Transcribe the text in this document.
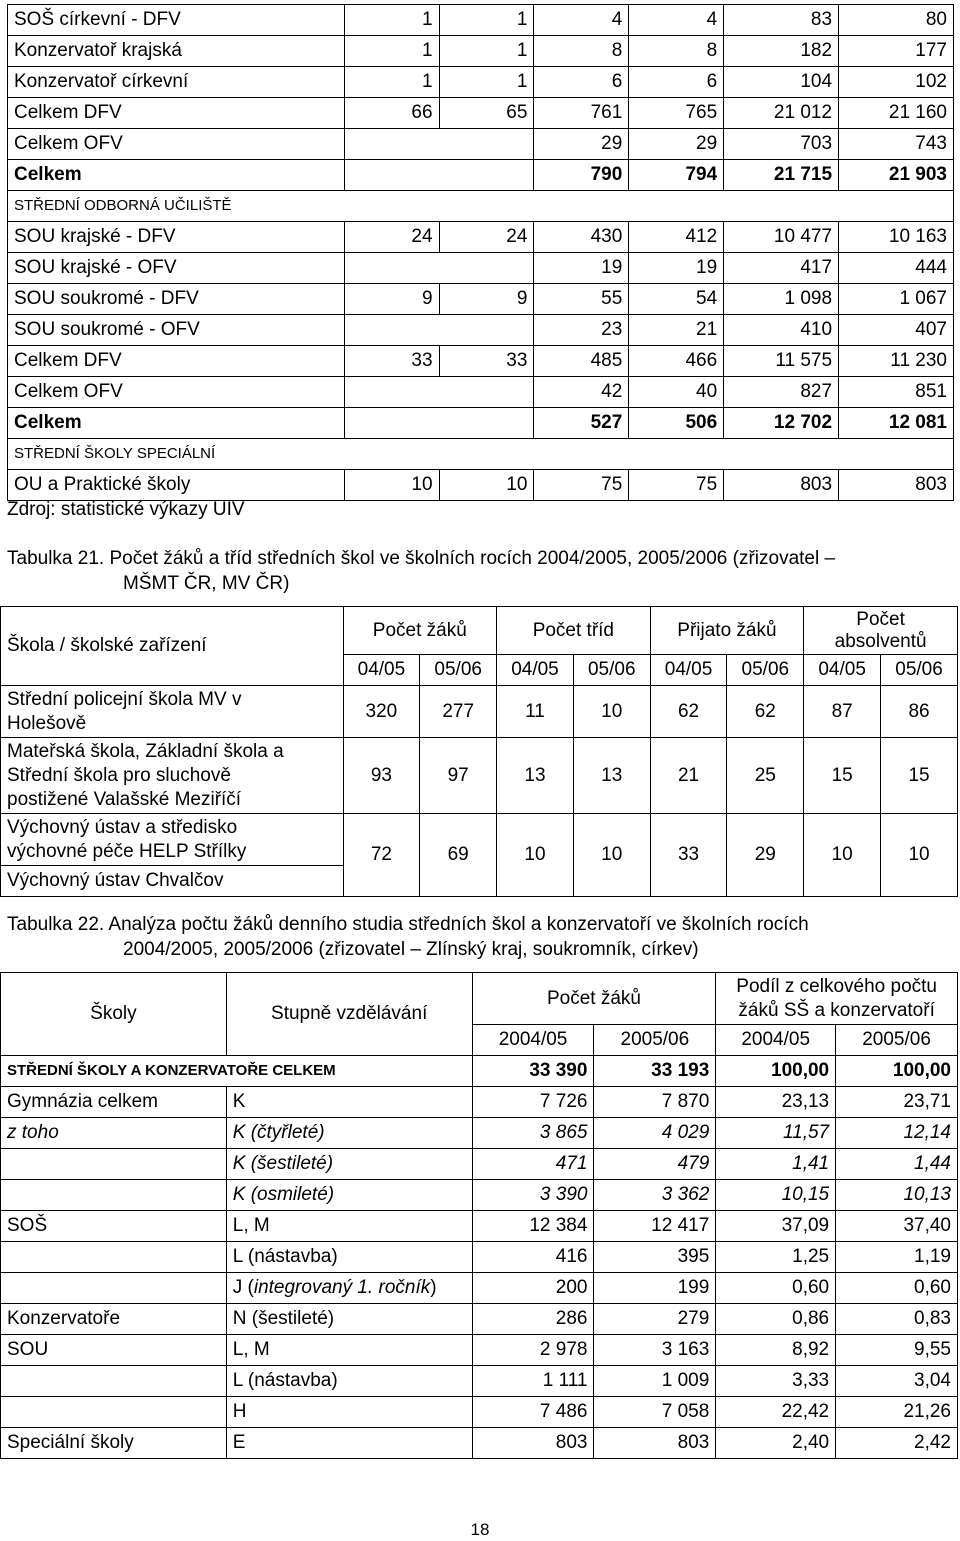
SOŠ církevní - DFV	1	1	4	4	83	80
Konzervatoř krajská	1	1	8	8	182	177
Konzervatoř církevní	1	1	6	6	104	102
Celkem DFV	66	65	761	765	21 012	21 160
Celkem OFV			29	29	703	743
Celkem			790	794	21 715	21 903
STŘEDNÍ ODBORNÁ UČILIŠTĚ						
SOU krajské - DFV	24	24	430	412	10 477	10 163
SOU krajské - OFV			19	19	417	444
SOU soukromé - DFV	9	9	55	54	1 098	1 067
SOU soukromé - OFV			23	21	410	407
Celkem DFV	33	33	485	466	11 575	11 230
Celkem OFV			42	40	827	851
Celkem			527	506	12 702	12 081
STŘEDNÍ ŠKOLY SPECIÁLNÍ						
OU a Praktické školy	10	10	75	75	803	803
Zdroj: statistické výkazy UIV
Tabulka 21. Počet žáků a tříd středních škol ve školních rocích 2004/2005, 2005/2006 (zřizovatel –
MŠMT ČR, MV ČR)
Škola / školské zařízení	Počet žáků		Počet tříd		Přijato žáků		Počet absolventů	
	04/05	05/06	04/05	05/06	04/05	05/06	04/05	05/06
Střední policejní škola MV v Holešově	320	277	11	10	62	62	87	86
Mateřská škola, Základní škola a Střední škola pro sluchově postižené Valašské Meziříčí	93	97	13	13	21	25	15	15
Výchovný ústav a středisko výchovné péče HELP Střílky	72	69	10	10	33	29	10	10
Výchovný ústav Chvalčov								
Tabulka 22. Analýza počtu žáků denního studia středních škol a konzervatoří ve školních rocích
2004/2005, 2005/2006 (zřizovatel – Zlínský kraj, soukromník, církev)
Školy	Stupně vzdělávání	Počet žáků		Podíl z celkového počtu žáků SŠ a konzervatoří	
		2004/05	2005/06	2004/05	2005/06
STŘEDNÍ ŠKOLY A KONZERVATOŘE CELKEM		33 390	33 193	100,00	100,00
Gymnázia celkem	K	7 726	7 870	23,13	23,71
z toho	K (čtyřleté)	3 865	4 029	11,57	12,14
	K (šestileté)	471	479	1,41	1,44
	K (osmileté)	3 390	3 362	10,15	10,13
SOŠ	L, M	12 384	12 417	37,09	37,40
	L (nástavba)	416	395	1,25	1,19
	J (integrovaný 1. ročník)	200	199	0,60	0,60
Konzervatoře	N (šestileté)	286	279	0,86	0,83
SOU	L, M	2 978	3 163	8,92	9,55
	L (nástavba)	1 111	1 009	3,33	3,04
	H	7 486	7 058	22,42	21,26
Speciální školy	E	803	803	2,40	2,42
18
